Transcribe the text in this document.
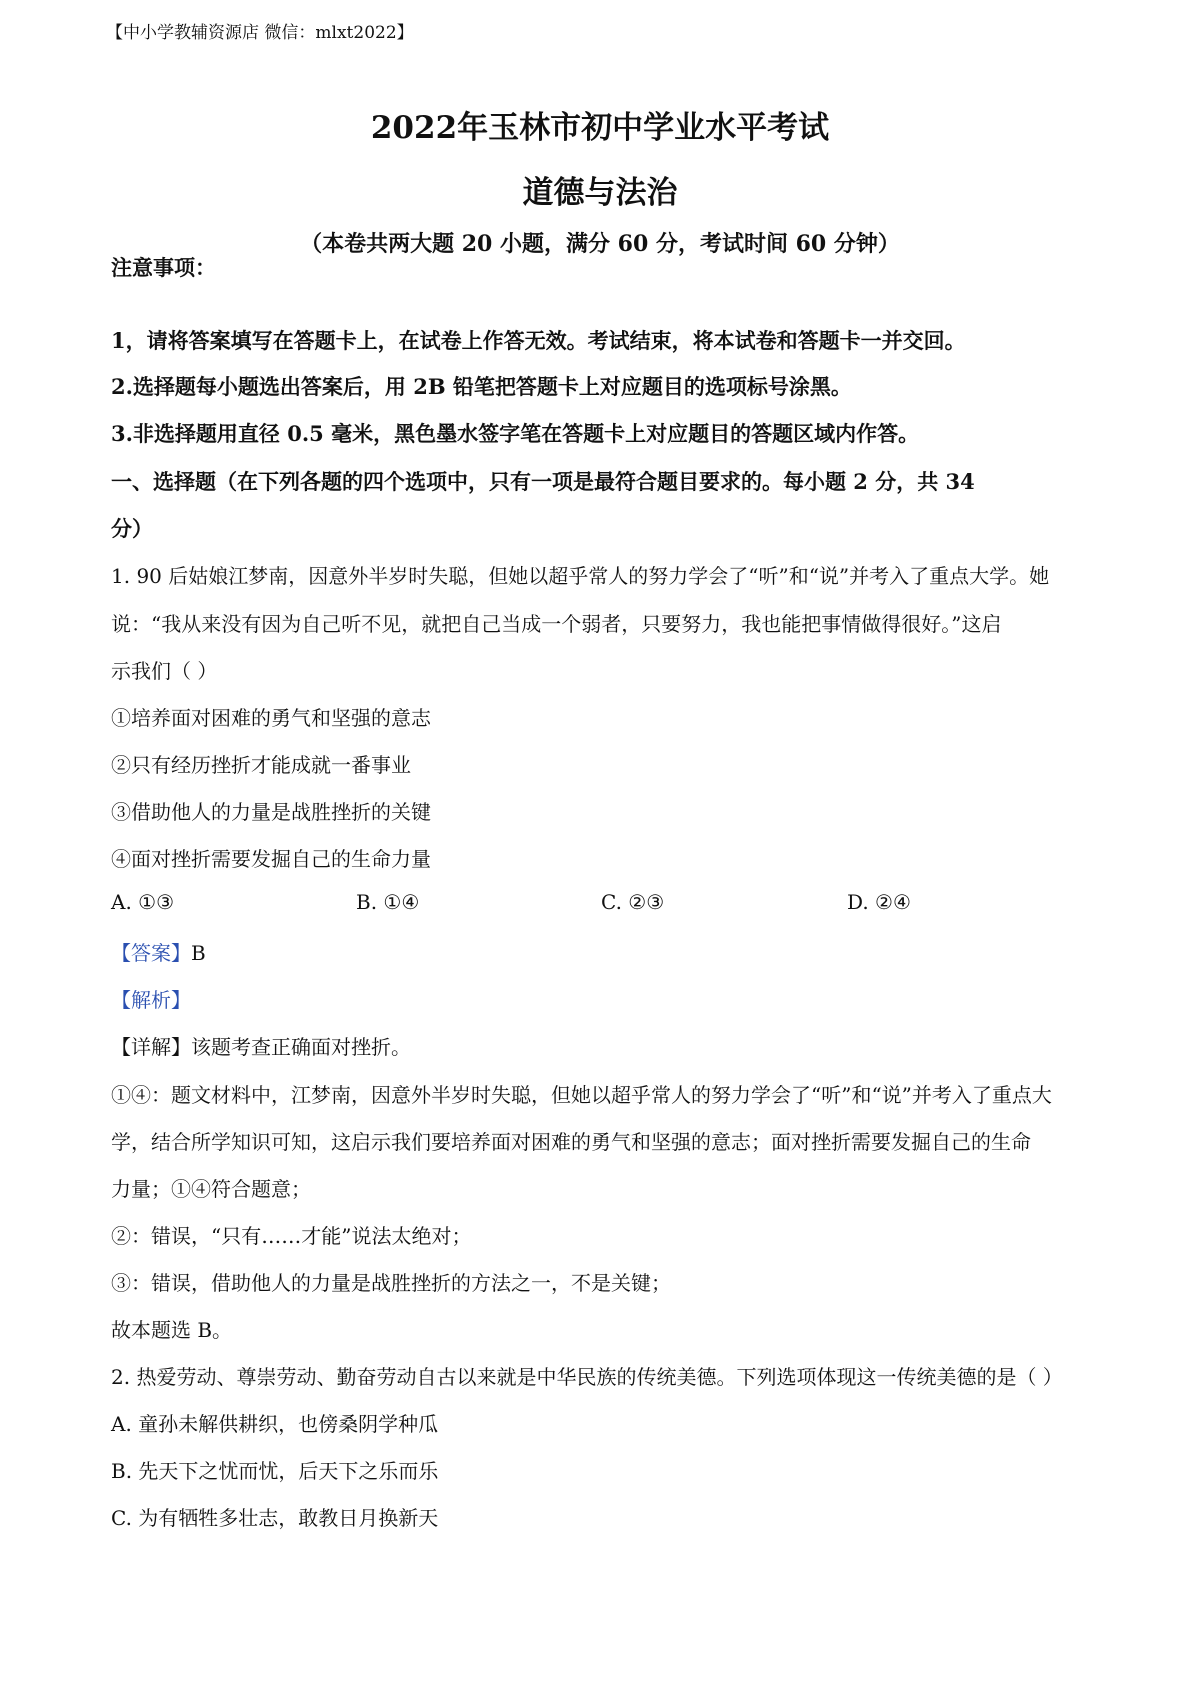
【中小学教辅资源店 微信：mlxt2022】
2022年玉林市初中学业水平考试
道德与法治
（本卷共两大题 20 小题，满分 60 分，考试时间 60 分钟）
注意事项：
1，请将答案填写在答题卡上，在试卷上作答无效。考试结束，将本试卷和答题卡一并交回。
2.选择题每小题选出答案后，用 2B 铅笔把答题卡上对应题目的选项标号涂黑。
3.非选择题用直径 0.5 毫米，黑色墨水签字笔在答题卡上对应题目的答题区域内作答。
一、选择题（在下列各题的四个选项中，只有一项是最符合题目要求的。每小题 2 分，共 34
分）
1. 90 后姑娘江梦南，因意外半岁时失聪，但她以超乎常人的努力学会了“听”和“说”并考入了重点大学。她
说：“我从来没有因为自己听不见，就把自己当成一个弱者，只要努力，我也能把事情做得很好。”这启
示我们（ ）
①培养面对困难的勇气和坚强的意志
②只有经历挫折才能成就一番事业
③借助他人的力量是战胜挫折的关键
④面对挫折需要发掘自己的生命力量
A. ①③	B. ①④	C. ②③	D. ②④
【答案】B
【解析】
【详解】该题考查正确面对挫折。
①④：题文材料中，江梦南，因意外半岁时失聪，但她以超乎常人的努力学会了“听”和“说”并考入了重点大
学，结合所学知识可知，这启示我们要培养面对困难的勇气和坚强的意志；面对挫折需要发掘自己的生命
力量；①④符合题意；
②：错误，“只有……才能”说法太绝对；
③：错误，借助他人的力量是战胜挫折的方法之一，不是关键；
故本题选 B。
2. 热爱劳动、尊崇劳动、勤奋劳动自古以来就是中华民族的传统美德。下列选项体现这一传统美德的是（ ）
A. 童孙未解供耕织，也傍桑阴学种瓜
B. 先天下之忧而忧，后天下之乐而乐
C. 为有牺牲多壮志，敢教日月换新天
